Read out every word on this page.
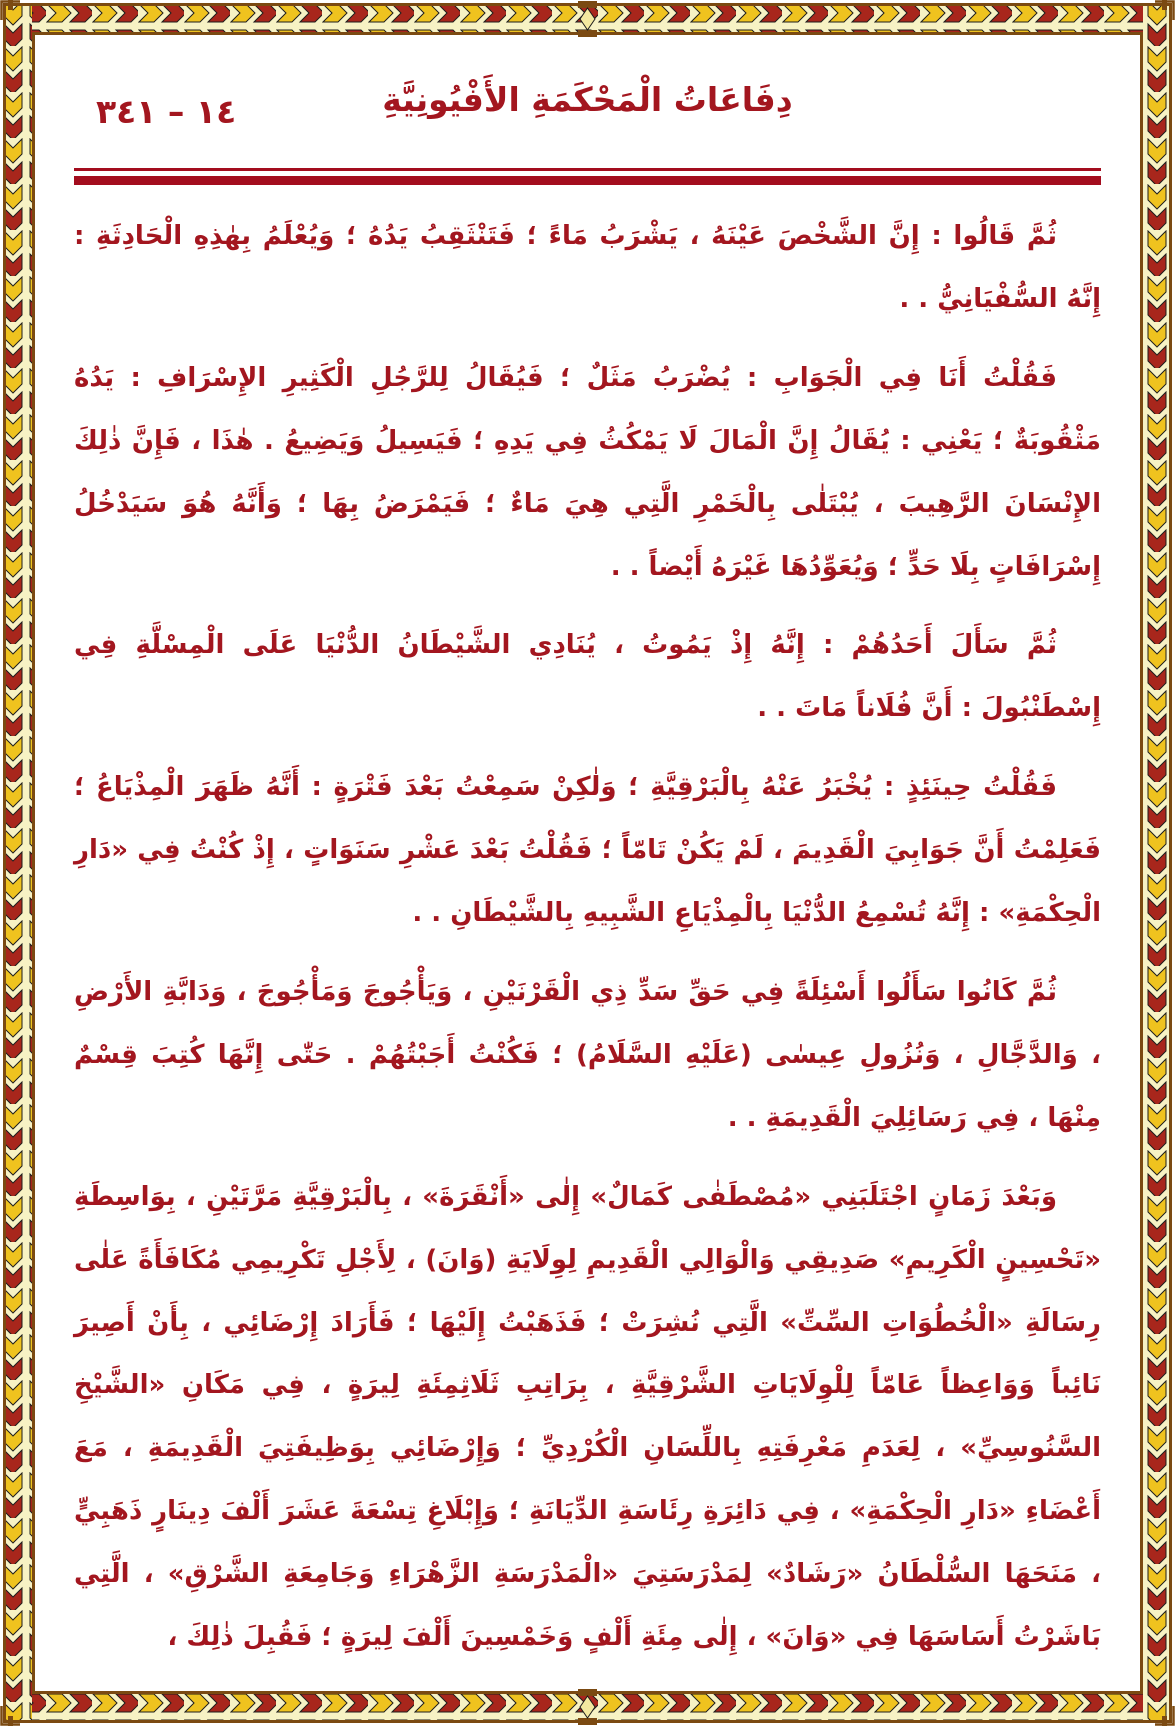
١٤ – ٣٤١	دِفَاعَاتُ الْمَحْكَمَةِ الأَفْيُونِيَّةِ

ثُمَّ قَالُوا : إِنَّ الشَّخْصَ عَيْنَهُ ، يَشْرَبُ مَاءً ؛ فَتَنْثَقِبُ يَدُهُ ؛ وَيُعْلَمُ بِهٰذِهِ الْحَادِثَةِ : إِنَّهُ السُّفْيَانِيُّ . .

فَقُلْتُ أَنَا فِي الْجَوَابِ : يُضْرَبُ مَثَلٌ ؛ فَيُقَالُ لِلرَّجُلِ الْكَثِيرِ الإِسْرَافِ : يَدُهُ مَثْقُوبَةٌ ؛ يَعْنِي : يُقَالُ إِنَّ الْمَالَ لَا يَمْكُثُ فِي يَدِهِ ؛ فَيَسِيلُ وَيَضِيعُ . هٰذَا ، فَإِنَّ ذٰلِكَ الإِنْسَانَ الرَّهِيبَ ، يُبْتَلٰى بِالْخَمْرِ الَّتِي هِيَ مَاءٌ ؛ فَيَمْرَضُ بِهَا ؛ وَأَنَّهُ هُوَ سَيَدْخُلُ إِسْرَافَاتٍ بِلَا حَدٍّ ؛ وَيُعَوِّدُهَا غَيْرَهُ أَيْضاً . .

ثُمَّ سَأَلَ أَحَدُهُمْ : إِنَّهُ إِذْ يَمُوتُ ، يُنَادِي الشَّيْطَانُ الدُّنْيَا عَلَى الْمِسْلَّةِ فِي إِسْطَنْبُولَ : أَنَّ فُلَاناً مَاتَ . .

فَقُلْتُ حِينَئِذٍ : يُخْبَرُ عَنْهُ بِالْبَرْقِيَّةِ ؛ وَلٰكِنْ سَمِعْتُ بَعْدَ فَتْرَةٍ : أَنَّهُ ظَهَرَ الْمِذْيَاعُ ؛ فَعَلِمْتُ أَنَّ جَوَابِيَ الْقَدِيمَ ، لَمْ يَكُنْ تَامّاً ؛ فَقُلْتُ بَعْدَ عَشْرِ سَنَوَاتٍ ، إِذْ كُنْتُ فِي «دَارِ الْحِكْمَةِ» : إِنَّهُ تُسْمِعُ الدُّنْيَا بِالْمِذْيَاعِ الشَّبِيهِ بِالشَّيْطَانِ . .

ثُمَّ كَانُوا سَأَلُوا أَسْئِلَةً فِي حَقِّ سَدِّ ذِي الْقَرْنَيْنِ ، وَيَأْجُوجَ وَمَأْجُوجَ ، وَدَابَّةِ الأَرْضِ ، وَالدَّجَّالِ ، وَنُزُولِ عِيسٰى (عَلَيْهِ السَّلَامُ) ؛ فَكُنْتُ أَجَبْتُهُمْ . حَتّٰى إِنَّهَا كُتِبَ قِسْمٌ مِنْهَا ، فِي رَسَائِلِيَ الْقَدِيمَةِ . .

وَبَعْدَ زَمَانٍ اجْتَلَبَنِي «مُصْطَفٰى كَمَالٌ» إِلٰى «أَنْقَرَةَ» ، بِالْبَرْقِيَّةِ مَرَّتَيْنِ ، بِوَاسِطَةِ «تَحْسِينٍ الْكَرِيمِ» صَدِيقِي وَالْوَالِي الْقَدِيمِ لِوِلَايَةِ (وَانَ) ، لِأَجْلِ تَكْرِيمِي مُكَافَأَةً عَلٰى رِسَالَةِ «الْخُطُوَاتِ السِّتِّ» الَّتِي نُشِرَتْ ؛ فَذَهَبْتُ إِلَيْهَا ؛ فَأَرَادَ إِرْضَائِي ، بِأَنْ أَصِيرَ نَائِباً وَوَاعِظاً عَامّاً لِلْوِلَايَاتِ الشَّرْقِيَّةِ ، بِرَاتِبِ ثَلَاثِمِئَةِ لِيرَةٍ ، فِي مَكَانِ «الشَّيْخِ السَّنُوسِيِّ» ، لِعَدَمِ مَعْرِفَتِهِ بِاللِّسَانِ الْكُرْدِيِّ ؛ وَإِرْضَائِي بِوَظِيفَتِيَ الْقَدِيمَةِ ، مَعَ أَعْضَاءِ «دَارِ الْحِكْمَةِ» ، فِي دَائِرَةِ رِئَاسَةِ الدِّيَانَةِ ؛ وَإِبْلَاغِ تِسْعَةَ عَشَرَ أَلْفَ دِينَارٍ ذَهَبِيٍّ ، مَنَحَهَا السُّلْطَانُ «رَشَادٌ» لِمَدْرَسَتِيَ «الْمَدْرَسَةِ الزَّهْرَاءِ وَجَامِعَةِ الشَّرْقِ» ، الَّتِي بَاشَرْتُ أَسَاسَهَا فِي «وَانَ» ، إِلٰى مِئَةِ أَلْفٍ وَخَمْسِينَ أَلْفَ لِيرَةٍ ؛ فَقُبِلَ ذٰلِكَ ،
